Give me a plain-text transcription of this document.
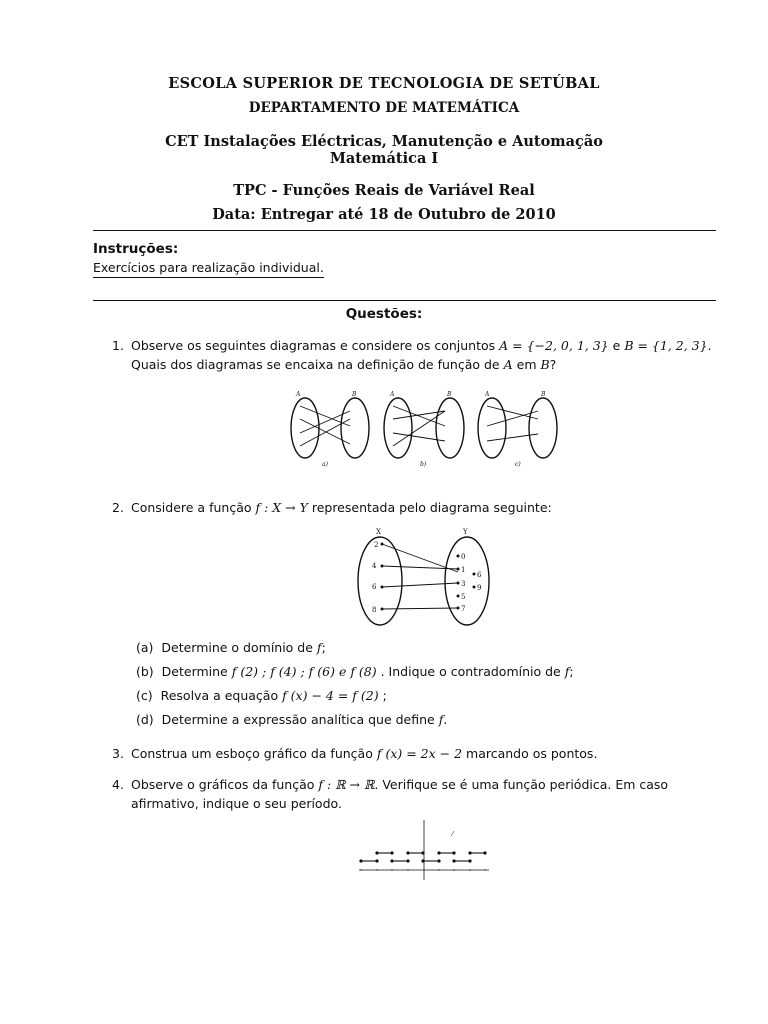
ESCOLA SUPERIOR DE TECNOLOGIA DE SETÚBAL
DEPARTAMENTO DE MATEMÁTICA
CET Instalações Eléctricas, Manutenção e Automação
Matemática I
TPC - Funções Reais de Variável Real
Data: Entregar até 18 de Outubro de 2010
Instruções:
Exercícios para realização individual.
Questões:
1. Observe os seguintes diagramas e considere os conjuntos A = {−2, 0, 1, 3} e B = {1, 2, 3}.
Quais dos diagramas se encaixa na definição de função de A em B?
A	B	A	B	A	B
a)	b)	c)
2. Considere a função f : X → Y representada pelo diagrama seguinte:
X	Y
2
4
6
8
0
1
3
5
7
6
9
(a) Determine o domínio de f;
(b) Determine f (2) ; f (4) ; f (6) e f (8) . Indique o contradomínio de f;
(c) Resolva a equação f (x) − 4 = f (2) ;
(d) Determine a expressão analítica que define f.
3. Construa um esboço gráfico da função f (x) = 2x − 2 marcando os pontos.
4. Observe o gráficos da função f : ℝ → ℝ. Verifique se é uma função periódica. Em caso
afirmativo, indique o seu período.
